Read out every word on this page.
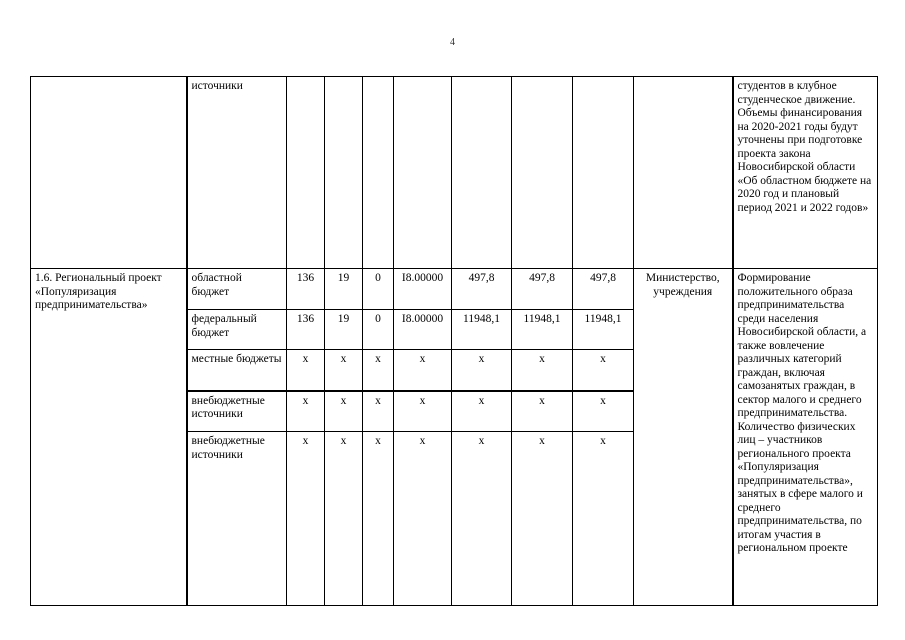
4

	источники									студентов в клубное студенческое движение. Объемы финансирования на 2020-2021 годы будут уточнены при подготовке проекта закона Новосибирской области «Об областном бюджете на 2020 год и плановый период 2021 и 2022 годов»

1.6. Региональный проект «Популяризация предпринимательства»	областной бюджет	136	19	0	I8.00000	497,8	497,8	497,8	Министерство, учреждения	Формирование положительного образа предпринимательства среди населения Новосибирской области, а также вовлечение различных категорий граждан, включая самозанятых граждан, в сектор малого и среднего предпринимательства. Количество физических лиц – участников регионального проекта «Популяризация предпринимательства», занятых в сфере малого и среднего предпринимательства, по итогам участия в региональном проекте

	федеральный бюджет	136	19	0	I8.00000	11948,1	11948,1	11948,1		

	местные бюджеты	х	х	х	х	х	х	х		

	внебюджетные источники	х	х	х	х	х	х	х		

	внебюджетные источники	х	х	х	х	х	х	х		
